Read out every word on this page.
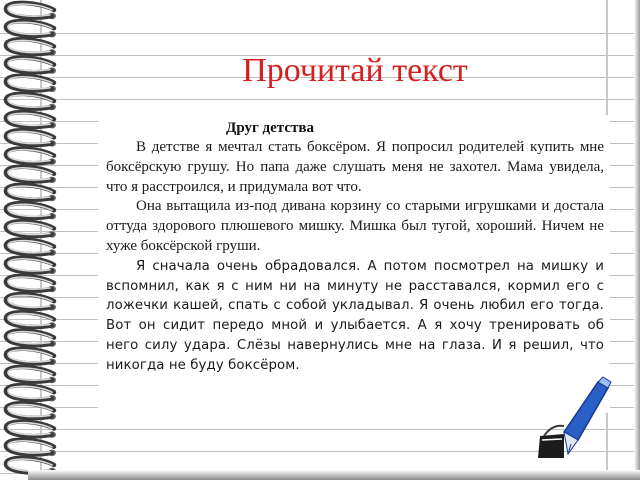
Прочитай текст
Друг детства

В детстве я мечтал стать боксёром. Я попросил родителей купить мне боксёрскую грушу. Но папа даже слушать меня не захотел. Мама увидела, что я расстроился, и придумала вот что.

Она вытащила из-под дивана корзину со старыми игрушками и достала оттуда здорового плюшевого мишку. Мишка был тугой, хороший. Ничем не хуже боксёрской груши.

Я сначала очень обрадовался. А потом посмотрел на мишку и вспомнил, как я с ним ни на минуту не расставался, кормил его с ложечки кашей, спать с собой укладывал. Я очень любил его тогда. Вот он сидит передо мной и улыбается. А я хочу тренировать об него силу удара. Слёзы навернулись мне на глаза. И я решил, что никогда не буду боксёром.
